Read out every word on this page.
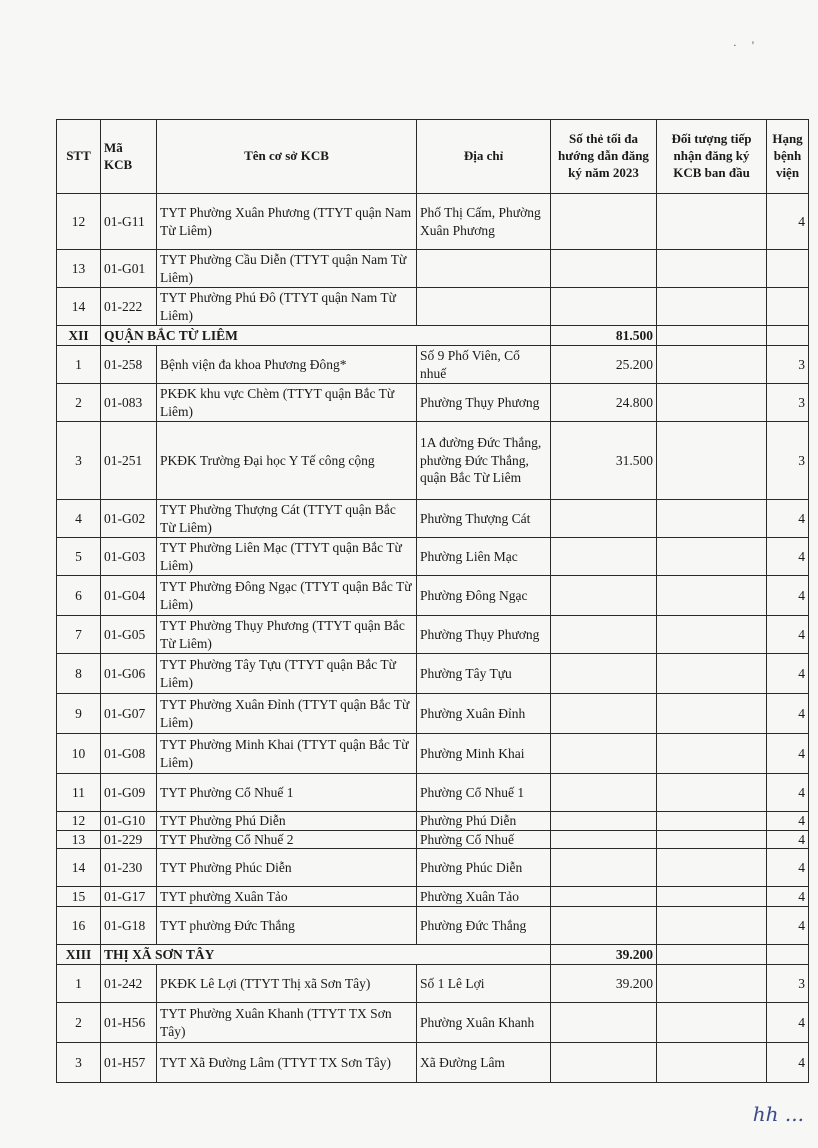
· '
STT	Mã KCB	Tên cơ sở KCB	Địa chỉ	Số thẻ tối đa hướng dẫn đăng ký năm 2023	Đối tượng tiếp nhận đăng ký KCB ban đầu	Hạng bệnh viện
12	01-G11	TYT Phường Xuân Phương (TTYT quận Nam Từ Liêm)	Phố Thị Cấm, Phường Xuân Phương			4
13	01-G01	TYT Phường Cầu Diễn (TTYT quận Nam Từ Liêm)				
14	01-222	TYT Phường Phú Đô (TTYT quận Nam Từ Liêm)				
XII	QUẬN BẮC TỪ LIÊM			81.500		
1	01-258	Bệnh viện đa khoa Phương Đông*	Số 9 Phố Viên, Cổ nhuế	25.200		3
2	01-083	PKĐK khu vực Chèm (TTYT quận Bắc Từ Liêm)	Phường Thụy Phương	24.800		3
3	01-251	PKĐK Trường Đại học Y Tế công cộng	1A đường Đức Thắng, phường Đức Thắng, quận Bắc Từ Liêm	31.500		3
4	01-G02	TYT Phường Thượng Cát (TTYT quận Bắc Từ Liêm)	Phường Thượng Cát			4
5	01-G03	TYT Phường Liên Mạc (TTYT quận Bắc Từ Liêm)	Phường Liên Mạc			4
6	01-G04	TYT Phường Đông Ngạc (TTYT quận Bắc Từ Liêm)	Phường Đông Ngạc			4
7	01-G05	TYT Phường Thụy Phương (TTYT quận Bắc Từ Liêm)	Phường Thụy Phương			4
8	01-G06	TYT Phường Tây Tựu (TTYT quận Bắc Từ Liêm)	Phường Tây Tựu			4
9	01-G07	TYT Phường Xuân Đỉnh (TTYT quận Bắc Từ Liêm)	Phường Xuân Đỉnh			4
10	01-G08	TYT Phường Minh Khai (TTYT quận Bắc Từ Liêm)	Phường Minh Khai			4
11	01-G09	TYT Phường Cổ Nhuế 1	Phường Cổ Nhuế 1			4
12	01-G10	TYT Phường Phú Diễn	Phường Phú Diễn			4
13	01-229	TYT Phường Cổ Nhuế 2	Phường Cổ Nhuế			4
14	01-230	TYT Phường Phúc Diễn	Phường Phúc Diễn			4
15	01-G17	TYT phường Xuân Tảo	Phường Xuân Tảo			4
16	01-G18	TYT phường Đức Thắng	Phường Đức Thắng			4
XIII	THỊ XÃ SƠN TÂY			39.200		
1	01-242	PKĐK Lê Lợi (TTYT Thị xã Sơn Tây)	Số 1 Lê Lợi	39.200		3
2	01-H56	TYT Phường Xuân Khanh (TTYT TX Sơn Tây)	Phường Xuân Khanh			4
3	01-H57	TYT Xã Đường Lâm (TTYT TX Sơn Tây)	Xã Đường Lâm			4
hh ...
